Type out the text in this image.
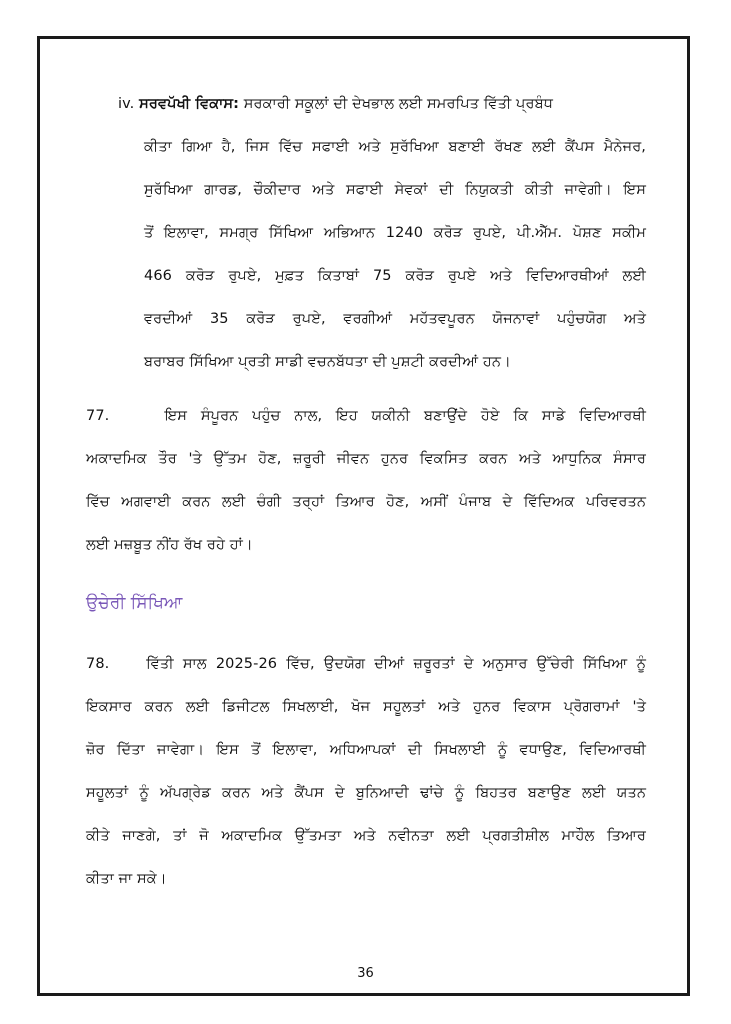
iv. ਸਰਵਪੱਖੀ ਵਿਕਾਸ: ਸਰਕਾਰੀ ਸਕੂਲਾਂ ਦੀ ਦੇਖਭਾਲ ਲਈ ਸਮਰਪਿਤ ਵਿੱਤੀ ਪ੍ਰਬੰਧ
ਕੀਤਾ ਗਿਆ ਹੈ, ਜਿਸ ਵਿੱਚ ਸਫਾਈ ਅਤੇ ਸੁਰੱਖਿਆ ਬਣਾਈ ਰੱਖਣ ਲਈ ਕੈਂਪਸ ਮੈਨੇਜਰ,
ਸੁਰੱਖਿਆ ਗਾਰਡ, ਚੌਕੀਦਾਰ ਅਤੇ ਸਫਾਈ ਸੇਵਕਾਂ ਦੀ ਨਿਯੁਕਤੀ ਕੀਤੀ ਜਾਵੇਗੀ। ਇਸ
ਤੋਂ ਇਲਾਵਾ, ਸਮਗ੍ਰ ਸਿੱਖਿਆ ਅਭਿਆਨ 1240 ਕਰੋੜ ਰੁਪਏ, ਪੀ.ਐੱਮ. ਪੋਸ਼ਣ ਸਕੀਮ
466 ਕਰੋੜ ਰੁਪਏ, ਮੁਫ਼ਤ ਕਿਤਾਬਾਂ 75 ਕਰੋੜ ਰੁਪਏ ਅਤੇ ਵਿਦਿਆਰਥੀਆਂ ਲਈ
ਵਰਦੀਆਂ 35 ਕਰੋੜ ਰੁਪਏ, ਵਰਗੀਆਂ ਮਹੱਤਵਪੂਰਨ ਯੋਜਨਾਵਾਂ ਪਹੁੰਚਯੋਗ ਅਤੇ
ਬਰਾਬਰ ਸਿੱਖਿਆ ਪ੍ਰਤੀ ਸਾਡੀ ਵਚਨਬੱਧਤਾ ਦੀ ਪੁਸ਼ਟੀ ਕਰਦੀਆਂ ਹਨ।
77.    ਇਸ ਸੰਪੂਰਨ ਪਹੁੰਚ ਨਾਲ, ਇਹ ਯਕੀਨੀ ਬਣਾਉਂਦੇ ਹੋਏ ਕਿ ਸਾਡੇ ਵਿਦਿਆਰਥੀ
ਅਕਾਦਮਿਕ ਤੌਰ 'ਤੇ ਉੱਤਮ ਹੋਣ, ਜ਼ਰੂਰੀ ਜੀਵਨ ਹੁਨਰ ਵਿਕਸਿਤ ਕਰਨ ਅਤੇ ਆਧੁਨਿਕ ਸੰਸਾਰ
ਵਿੱਚ ਅਗਵਾਈ ਕਰਨ ਲਈ ਚੰਗੀ ਤਰ੍ਹਾਂ ਤਿਆਰ ਹੋਣ, ਅਸੀਂ ਪੰਜਾਬ ਦੇ ਵਿੱਦਿਅਕ ਪਰਿਵਰਤਨ
ਲਈ ਮਜ਼ਬੂਤ ਨੀਂਹ ਰੱਖ ਰਹੇ ਹਾਂ।
ਉਚੇਰੀ ਸਿੱਖਿਆ
78.    ਵਿੱਤੀ ਸਾਲ 2025-26 ਵਿੱਚ, ਉਦਯੋਗ ਦੀਆਂ ਜ਼ਰੂਰਤਾਂ ਦੇ ਅਨੁਸਾਰ ਉੱਚੇਰੀ ਸਿੱਖਿਆ ਨੂੰ
ਇਕਸਾਰ ਕਰਨ ਲਈ ਡਿਜੀਟਲ ਸਿਖਲਾਈ, ਖੋਜ ਸਹੂਲਤਾਂ ਅਤੇ ਹੁਨਰ ਵਿਕਾਸ ਪ੍ਰੋਗਰਾਮਾਂ 'ਤੇ
ਜ਼ੋਰ ਦਿੱਤਾ ਜਾਵੇਗਾ। ਇਸ ਤੋਂ ਇਲਾਵਾ, ਅਧਿਆਪਕਾਂ ਦੀ ਸਿਖਲਾਈ ਨੂੰ ਵਧਾਉਣ, ਵਿਦਿਆਰਥੀ
ਸਹੂਲਤਾਂ ਨੂੰ ਅੱਪਗ੍ਰੇਡ ਕਰਨ ਅਤੇ ਕੈਂਪਸ ਦੇ ਬੁਨਿਆਦੀ ਢਾਂਚੇ ਨੂੰ ਬਿਹਤਰ ਬਣਾਉਣ ਲਈ ਯਤਨ
ਕੀਤੇ ਜਾਣਗੇ, ਤਾਂ ਜੋ ਅਕਾਦਮਿਕ ਉੱਤਮਤਾ ਅਤੇ ਨਵੀਨਤਾ ਲਈ ਪ੍ਰਗਤੀਸ਼ੀਲ ਮਾਹੌਲ ਤਿਆਰ
ਕੀਤਾ ਜਾ ਸਕੇ।
36
